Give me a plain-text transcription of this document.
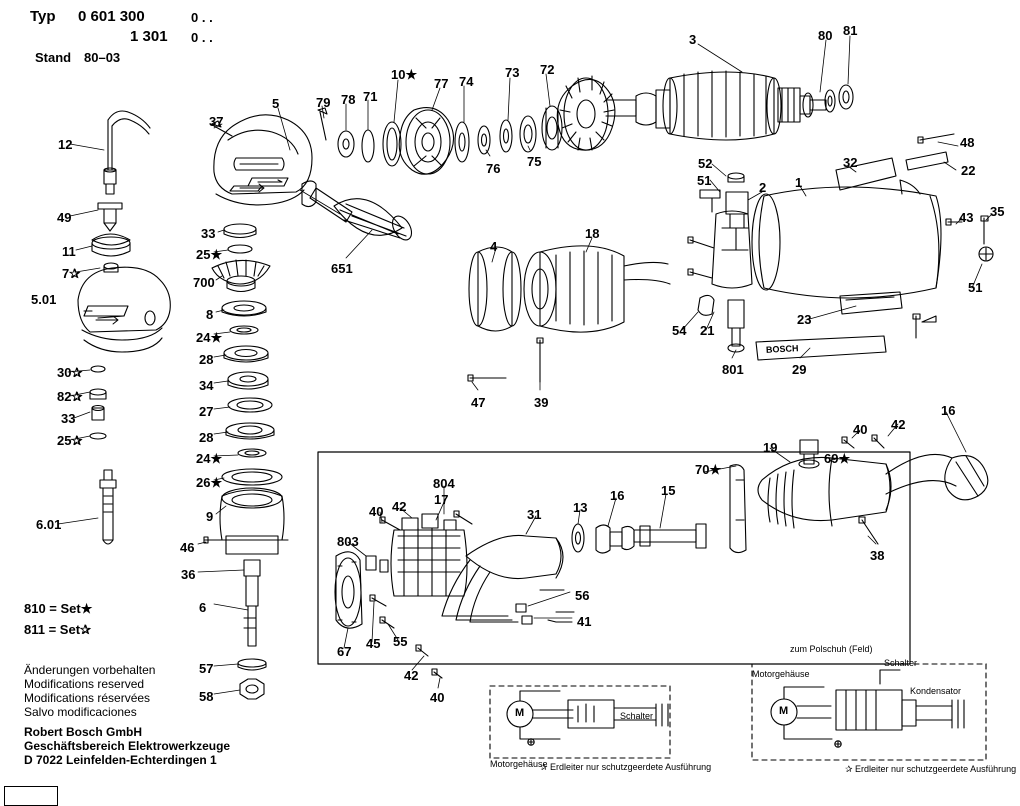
Typ 0 601 300	0 . .
1 301 0 . .
Stand 80–03
810 = Set★
811 = Set✰
Änderungen vorbehalten
Modifications reserved
Modifications réservées
Salvo modificaciones
Robert Bosch GmbH
Geschäftsbereich Elektrowerkzeuge
D 7022 Leinfelden-Echterdingen 1
BOSCH
M	Schalter
Motorgehäuse
✰ Erdleiter nur schutzgeerdete Ausführung
M
Motorgehäuse
zum Polschuh (Feld)
Schalter
Kondensator
✰ Erdleiter nur schutzgeerdete Ausführung
3	80 81
10★
77 74
73 72
79 78 71
5
37
48
22
32
76 75
12
52
51	2 1
43 35
49
11
7✰
33
25★
700
4
18
51
5.01
8
24★
28
34
27
28
24★
26★
30✰
82✰
33
25✰
54 21
23
801	29
47	39
651
9
46
36
6
6.01
57
58
16
40 42
19
69★
804
17
70★
15
16
13
31
40 42
803
38
56
41
67
45 55
42
40
